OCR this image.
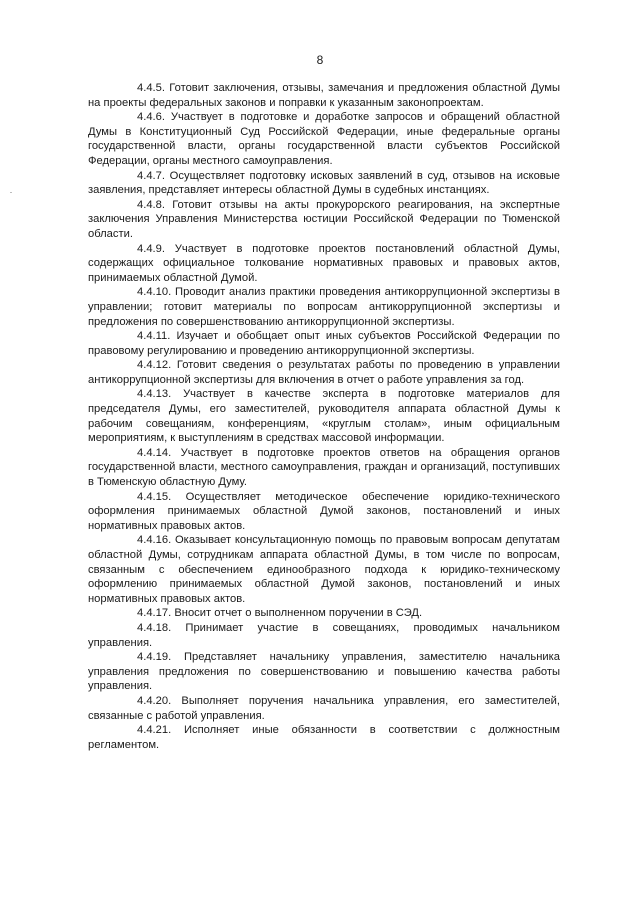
8

4.4.5. Готовит заключения, отзывы, замечания и предложения областной Думы на проекты федеральных законов и поправки к указанным законопроектам.

4.4.6. Участвует в подготовке и доработке запросов и обращений областной Думы в Конституционный Суд Российской Федерации, иные федеральные органы государственной власти, органы государственной власти субъектов Российской Федерации, органы местного самоуправления.

4.4.7. Осуществляет подготовку исковых заявлений в суд, отзывов на исковые заявления, представляет интересы областной Думы в судебных инстанциях.

4.4.8. Готовит отзывы на акты прокурорского реагирования, на экспертные заключения Управления Министерства юстиции Российской Федерации по Тюменской области.

4.4.9. Участвует в подготовке проектов постановлений областной Думы, содержащих официальное толкование нормативных правовых и правовых актов, принимаемых областной Думой.

4.4.10. Проводит анализ практики проведения антикоррупционной экспертизы в управлении; готовит материалы по вопросам антикоррупционной экспертизы и предложения по совершенствованию антикоррупционной экспертизы.

4.4.11. Изучает и обобщает опыт иных субъектов Российской Федерации по правовому регулированию и проведению антикоррупционной экспертизы.

4.4.12. Готовит сведения о результатах работы по проведению в управлении антикоррупционной экспертизы для включения в отчет о работе управления за год.

4.4.13. Участвует в качестве эксперта в подготовке материалов для председателя Думы, его заместителей, руководителя аппарата областной Думы к рабочим совещаниям, конференциям, «круглым столам», иным официальным мероприятиям, к выступлениям в средствах массовой информации.

4.4.14. Участвует в подготовке проектов ответов на обращения органов государственной власти, местного самоуправления, граждан и организаций, поступивших в Тюменскую областную Думу.

4.4.15. Осуществляет методическое обеспечение юридико-технического оформления принимаемых областной Думой законов, постановлений и иных нормативных правовых актов.

4.4.16. Оказывает консультационную помощь по правовым вопросам депутатам областной Думы, сотрудникам аппарата областной Думы, в том числе по вопросам, связанным с обеспечением единообразного подхода к юридико-техническому оформлению принимаемых областной Думой законов, постановлений и иных нормативных правовых актов.

4.4.17. Вносит отчет о выполненном поручении в СЭД.

4.4.18. Принимает участие в совещаниях, проводимых начальником управления.

4.4.19. Представляет начальнику управления, заместителю начальника управления предложения по совершенствованию и повышению качества работы управления.

4.4.20. Выполняет поручения начальника управления, его заместителей, связанные с работой управления.

4.4.21. Исполняет иные обязанности в соответствии с должностным регламентом.
